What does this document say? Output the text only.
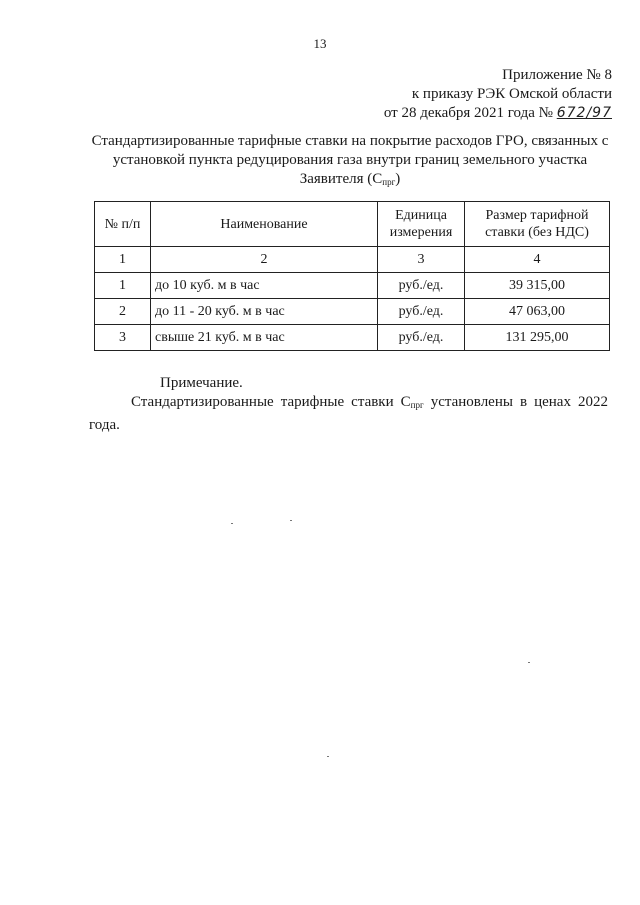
13
Приложение № 8
к приказу РЭК Омской области
от 28 декабря 2021 года № 672/97
Стандартизированные тарифные ставки на покрытие расходов ГРО, связанных с установкой пункта редуцирования газа внутри границ земельного участка Заявителя $(С_{прг})$
№ п/п	Наименование	Единица измерения	Размер тарифной ставки (без НДС)
1	2	3	4
1	до 10 куб. м в час	руб./ед.	39 315,00
2	до 11 - 20 куб. м в час	руб./ед.	47 063,00
3	свыше 21 куб. м в час	руб./ед.	131 295,00
Примечание.
Стандартизированные тарифные ставки $С_{прг}$ установлены в ценах 2022 года.
